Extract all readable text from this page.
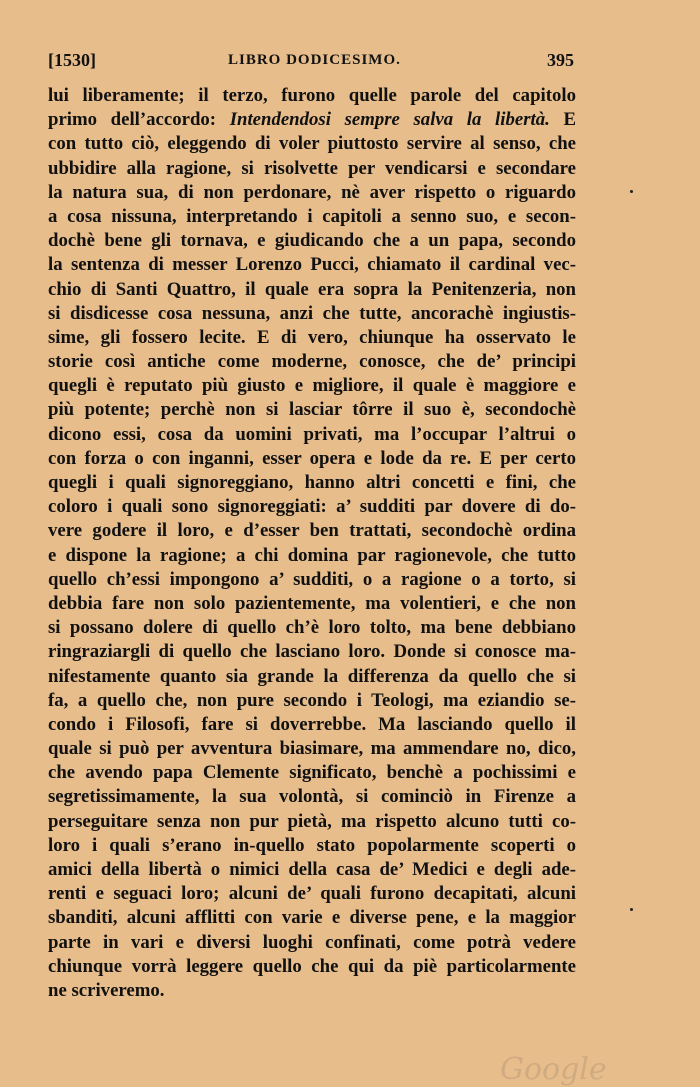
[1530]	LIBRO DODICESIMO.	395
lui liberamente; il terzo, furono quelle parole del capitolo
primo dell’accordo: Intendendosi sempre salva la libertà. E
con tutto ciò, eleggendo di voler piuttosto servire al senso, che
ubbidire alla ragione, si risolvette per vendicarsi e secondare
la natura sua, di non perdonare, nè aver rispetto o riguardo
a cosa nissuna, interpretando i capitoli a senno suo, e secon-
dochè bene gli tornava, e giudicando che a un papa, secondo
la sentenza di messer Lorenzo Pucci, chiamato il cardinal vec-
chio di Santi Quattro, il quale era sopra la Penitenzeria, non
si disdicesse cosa nessuna, anzi che tutte, ancorachè ingiustis-
sime, gli fossero lecite. E di vero, chiunque ha osservato le
storie così antiche come moderne, conosce, che de’ principi
quegli è reputato più giusto e migliore, il quale è maggiore e
più potente; perchè non si lasciar tôrre il suo è, secondochè
dicono essi, cosa da uomini privati, ma l’occupar l’altrui o
con forza o con inganni, esser opera e lode da re. E per certo
quegli i quali signoreggiano, hanno altri concetti e fini, che
coloro i quali sono signoreggiati: a’ sudditi par dovere di do-
vere godere il loro, e d’esser ben trattati, secondochè ordina
e dispone la ragione; a chi domina par ragionevole, che tutto
quello ch’essi impongono a’ sudditi, o a ragione o a torto, si
debbia fare non solo pazientemente, ma volentieri, e che non
si possano dolere di quello ch’è loro tolto, ma bene debbiano
ringraziargli di quello che lasciano loro. Donde si conosce ma-
nifestamente quanto sia grande la differenza da quello che si
fa, a quello che, non pure secondo i Teologi, ma eziandio se-
condo i Filosofi, fare si doverrebbe. Ma lasciando quello il
quale si può per avventura biasimare, ma ammendare no, dico,
che avendo papa Clemente significato, benchè a pochissimi e
segretissimamente, la sua volontà, si cominciò in Firenze a
perseguitare senza non pur pietà, ma rispetto alcuno tutti co-
loro i quali s’erano in-quello stato popolarmente scoperti o
amici della libertà o nimici della casa de’ Medici e degli ade-
renti e seguaci loro; alcuni de’ quali furono decapitati, alcuni
sbanditi, alcuni afflitti con varie e diverse pene, e la maggior
parte in vari e diversi luoghi confinati, come potrà vedere
chiunque vorrà leggere quello che qui da piè particolarmente
ne scriveremo.
Google
